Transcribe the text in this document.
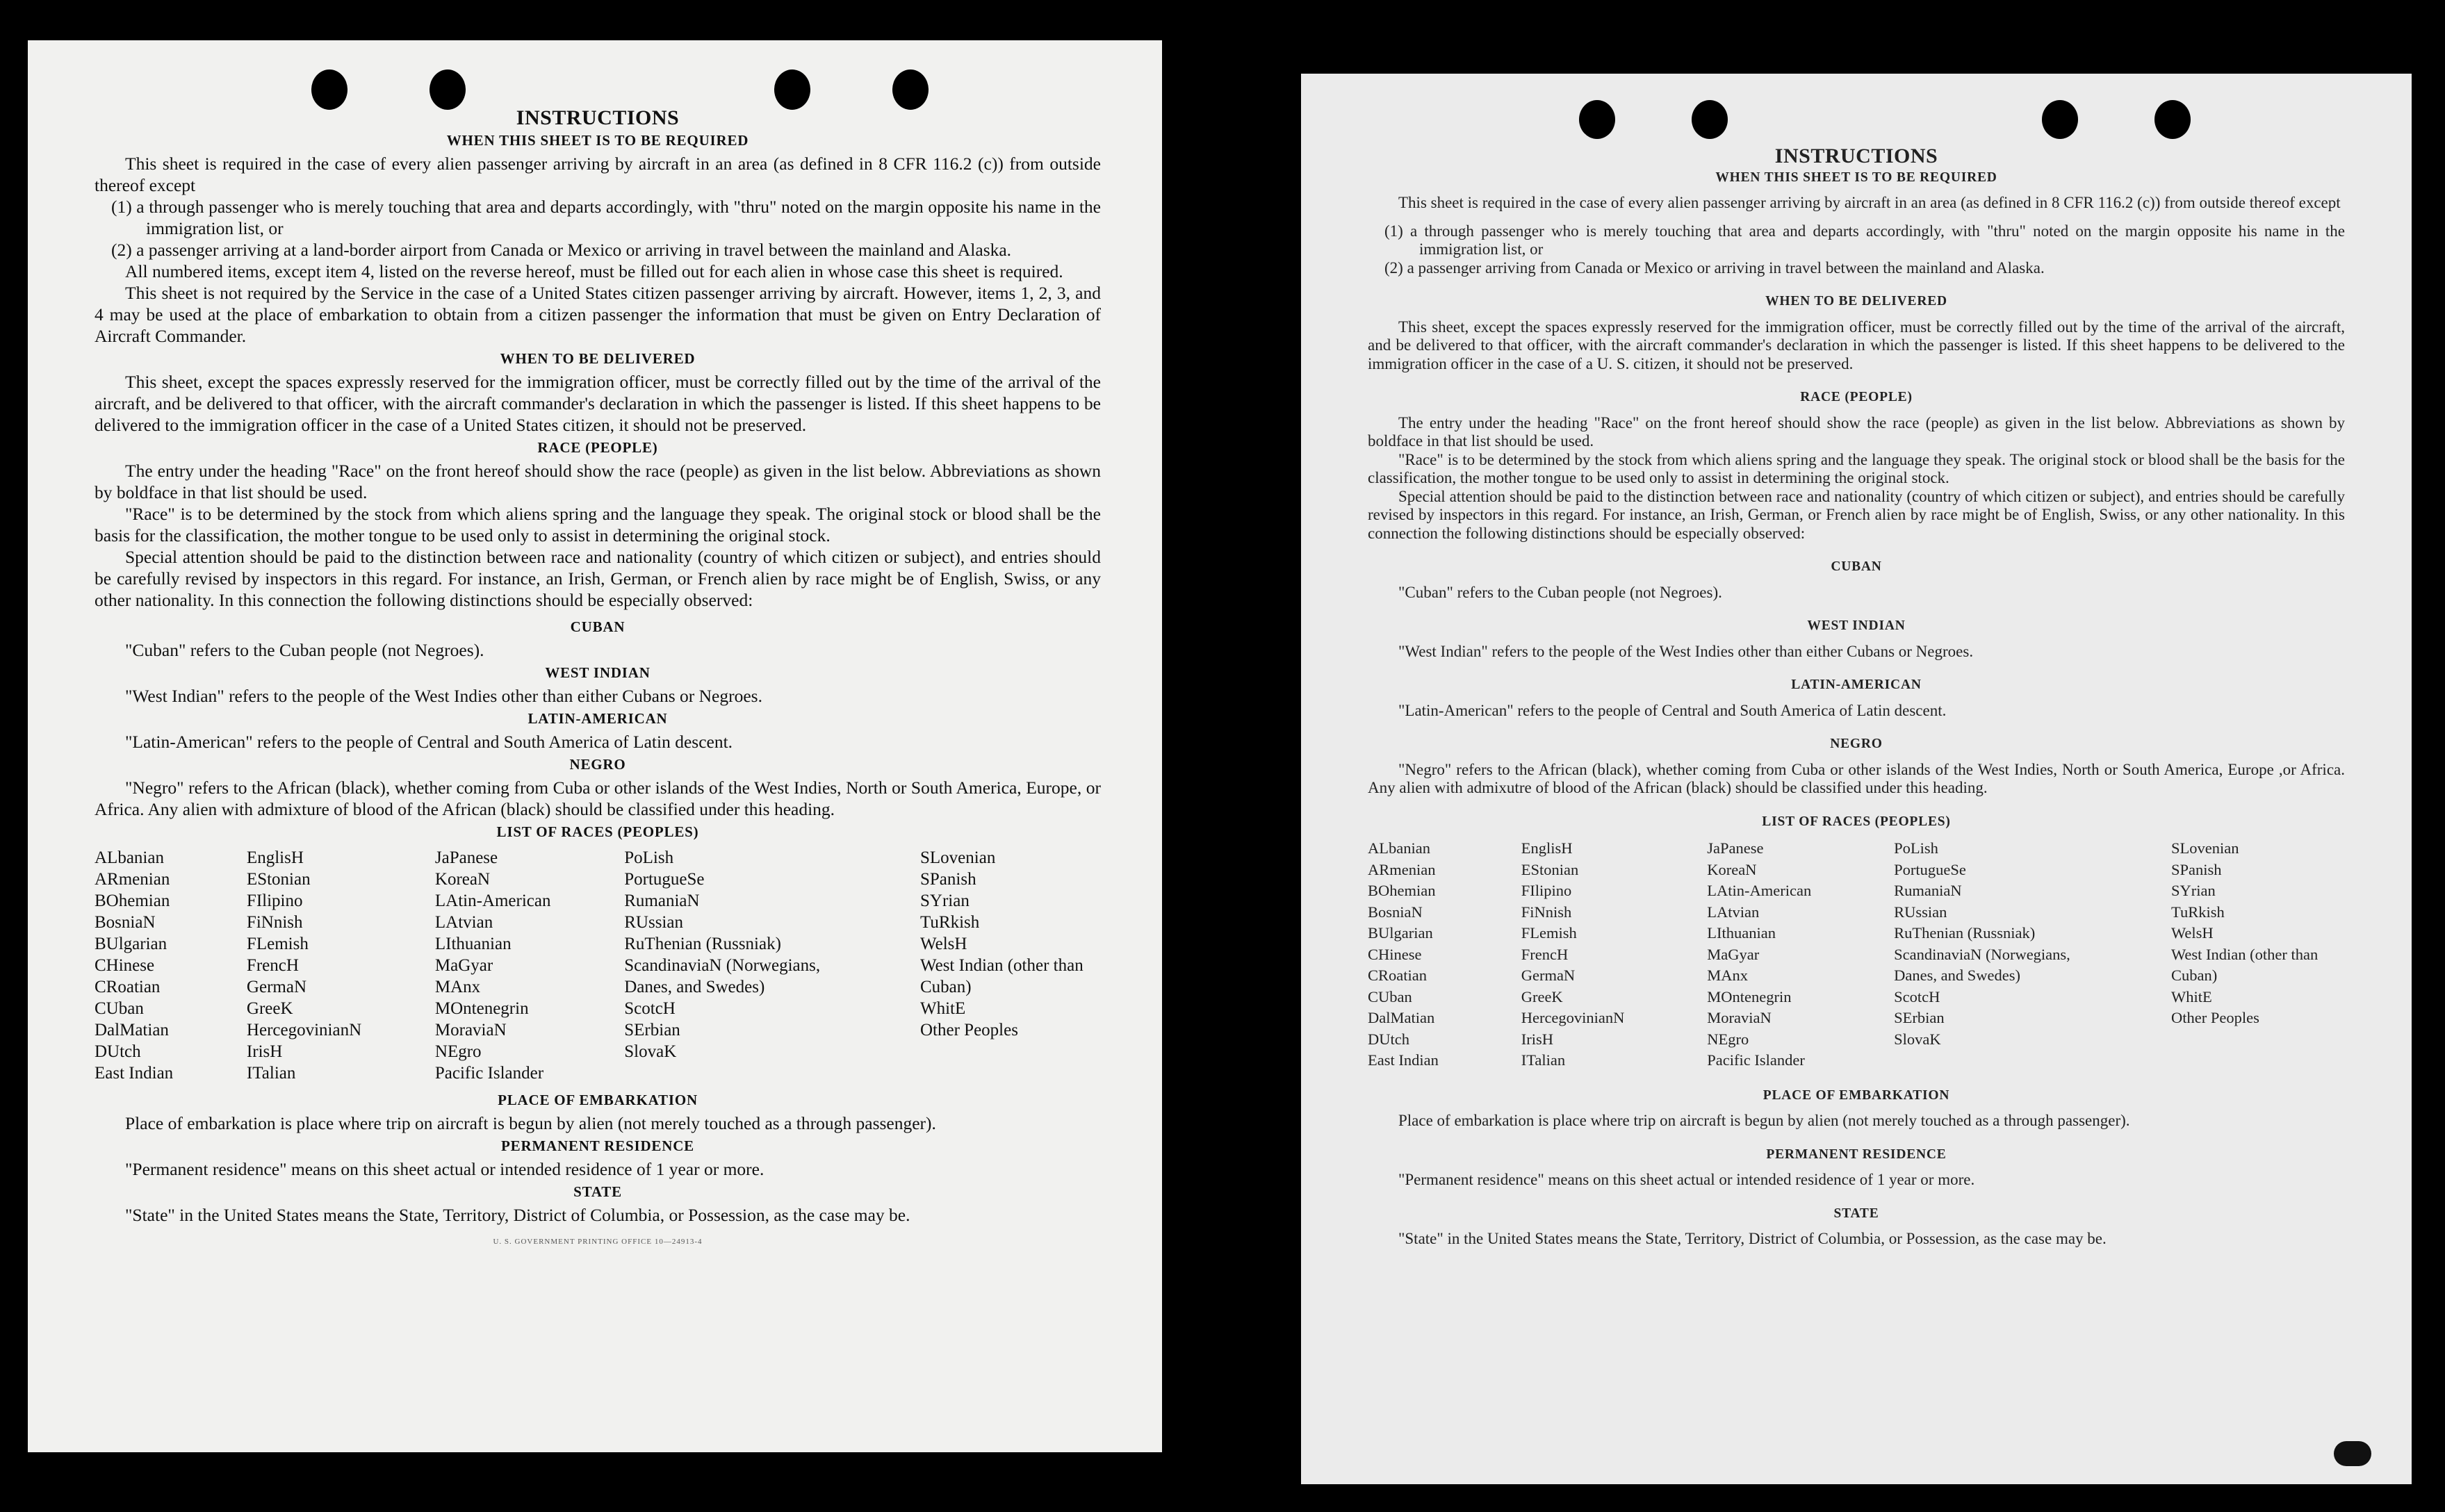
INSTRUCTIONS
WHEN THIS SHEET IS TO BE REQUIRED

This sheet is required in the case of every alien passenger arriving by aircraft in an area (as defined in 8 CFR 116.2 (c)) from outside thereof except

(1) a through passenger who is merely touching that area and departs accordingly, with "thru" noted on the margin opposite his name in the immigration list, or

(2) a passenger arriving at a land-border airport from Canada or Mexico or arriving in travel between the mainland and Alaska.

All numbered items, except item 4, listed on the reverse hereof, must be filled out for each alien in whose case this sheet is required.

This sheet is not required by the Service in the case of a United States citizen passenger arriving by aircraft. However, items 1, 2, 3, and 4 may be used at the place of embarkation to obtain from a citizen passenger the information that must be given on Entry Declaration of Aircraft Commander.

WHEN TO BE DELIVERED

This sheet, except the spaces expressly reserved for the immigration officer, must be correctly filled out by the time of the arrival of the aircraft, and be delivered to that officer, with the aircraft commander's declaration in which the passenger is listed. If this sheet happens to be delivered to the immigration officer in the case of a United States citizen, it should not be preserved.

RACE (PEOPLE)

The entry under the heading "Race" on the front hereof should show the race (people) as given in the list below. Abbreviations as shown by boldface in that list should be used.

"Race" is to be determined by the stock from which aliens spring and the language they speak. The original stock or blood shall be the basis for the classification, the mother tongue to be used only to assist in determining the original stock.

Special attention should be paid to the distinction between race and nationality (country of which citizen or subject), and entries should be carefully revised by inspectors in this regard. For instance, an Irish, German, or French alien by race might be of English, Swiss, or any other nationality. In this connection the following distinctions should be especially observed:

CUBAN

"Cuban" refers to the Cuban people (not Negroes).

WEST INDIAN

"West Indian" refers to the people of the West Indies other than either Cubans or Negroes.

LATIN-AMERICAN

"Latin-American" refers to the people of Central and South America of Latin descent.

NEGRO

"Negro" refers to the African (black), whether coming from Cuba or other islands of the West Indies, North or South America, Europe, or Africa. Any alien with admixture of blood of the African (black) should be classified under this heading.

LIST OF RACES (PEOPLES)
ALbanian
ARmenian
BOhemian
BosniaN
BUlgarian
CHinese
CRoatian
CUban
DalMatian
DUtch
East Indian
EnglisH
EStonian
FIlipino
FiNnish
FLemish
FrencH
GermaN
GreeK
HercegovinianN
IrisH
ITalian
JaPanese
KoreaN
LAtin-American
LAtvian
LIthuanian
MaGyar
MAnx
MOntenegrin
MoraviaN
NEgro
Pacific Islander
PoLish
PortugueSe
RumaniaN
RUssian
RuThenian (Russniak)
ScandinaviaN (Norwegians, Danes, and Swedes)
ScotcH
SErbian
SlovaK
SLovenian
SPanish
SYrian
TuRkish
WelsH
West Indian (other than Cuban)
WhitE
Other Peoples
PLACE OF EMBARKATION

Place of embarkation is place where trip on aircraft is begun by alien (not merely touched as a through passenger).

PERMANENT RESIDENCE

"Permanent residence" means on this sheet actual or intended residence of 1 year or more.

STATE

"State" in the United States means the State, Territory, District of Columbia, or Possession, as the case may be.

U. S. GOVERNMENT PRINTING OFFICE 10—24913-4
INSTRUCTIONS
WHEN THIS SHEET IS TO BE REQUIRED

This sheet is required in the case of every alien passenger arriving by aircraft in an area (as defined in 8 CFR 116.2 (c)) from outside thereof except

(1) a through passenger who is merely touching that area and departs accordingly, with "thru" noted on the margin opposite his name in the immigration list, or

(2) a passenger arriving from Canada or Mexico or arriving in travel between the mainland and Alaska.

WHEN TO BE DELIVERED

This sheet, except the spaces expressly reserved for the immigration officer, must be correctly filled out by the time of the arrival of the aircraft, and be delivered to that officer, with the aircraft commander's declaration in which the passenger is listed. If this sheet happens to be delivered to the immigration officer in the case of a U. S. citizen, it should not be preserved.

RACE (PEOPLE)

The entry under the heading "Race" on the front hereof should show the race (people) as given in the list below. Abbreviations as shown by boldface in that list should be used.

"Race" is to be determined by the stock from which aliens spring and the language they speak. The original stock or blood shall be the basis for the classification, the mother tongue to be used only to assist in determining the original stock.

Special attention should be paid to the distinction between race and nationality (country of which citizen or subject), and entries should be carefully revised by inspectors in this regard. For instance, an Irish, German, or French alien by race might be of English, Swiss, or any other nationality. In this connection the following distinctions should be especially observed:

CUBAN

"Cuban" refers to the Cuban people (not Negroes).

WEST INDIAN

"West Indian" refers to the people of the West Indies other than either Cubans or Negroes.

LATIN-AMERICAN

"Latin-American" refers to the people of Central and South America of Latin descent.

NEGRO

"Negro" refers to the African (black), whether coming from Cuba or other islands of the West Indies, North or South America, Europe ,or Africa. Any alien with admixutre of blood of the African (black) should be classified under this heading.

LIST OF RACES (PEOPLES)
ALbanian
ARmenian
BOhemian
BosniaN
BUlgarian
CHinese
CRoatian
CUban
DalMatian
DUtch
East Indian
EnglisH
EStonian
FIlipino
FiNnish
FLemish
FrencH
GermaN
GreeK
HercegovinianN
IrisH
ITalian
JaPanese
KoreaN
LAtin-American
LAtvian
LIthuanian
MaGyar
MAnx
MOntenegrin
MoraviaN
NEgro
Pacific Islander
PoLish
PortugueSe
RumaniaN
RUssian
RuThenian (Russniak)
ScandinaviaN (Norwegians, Danes, and Swedes)
ScotcH
SErbian
SlovaK
SLovenian
SPanish
SYrian
TuRkish
WelsH
West Indian (other than Cuban)
WhitE
Other Peoples
PLACE OF EMBARKATION

Place of embarkation is place where trip on aircraft is begun by alien (not merely touched as a through passenger).

PERMANENT RESIDENCE

"Permanent residence" means on this sheet actual or intended residence of 1 year or more.

STATE

"State" in the United States means the State, Territory, District of Columbia, or Possession, as the case may be.
